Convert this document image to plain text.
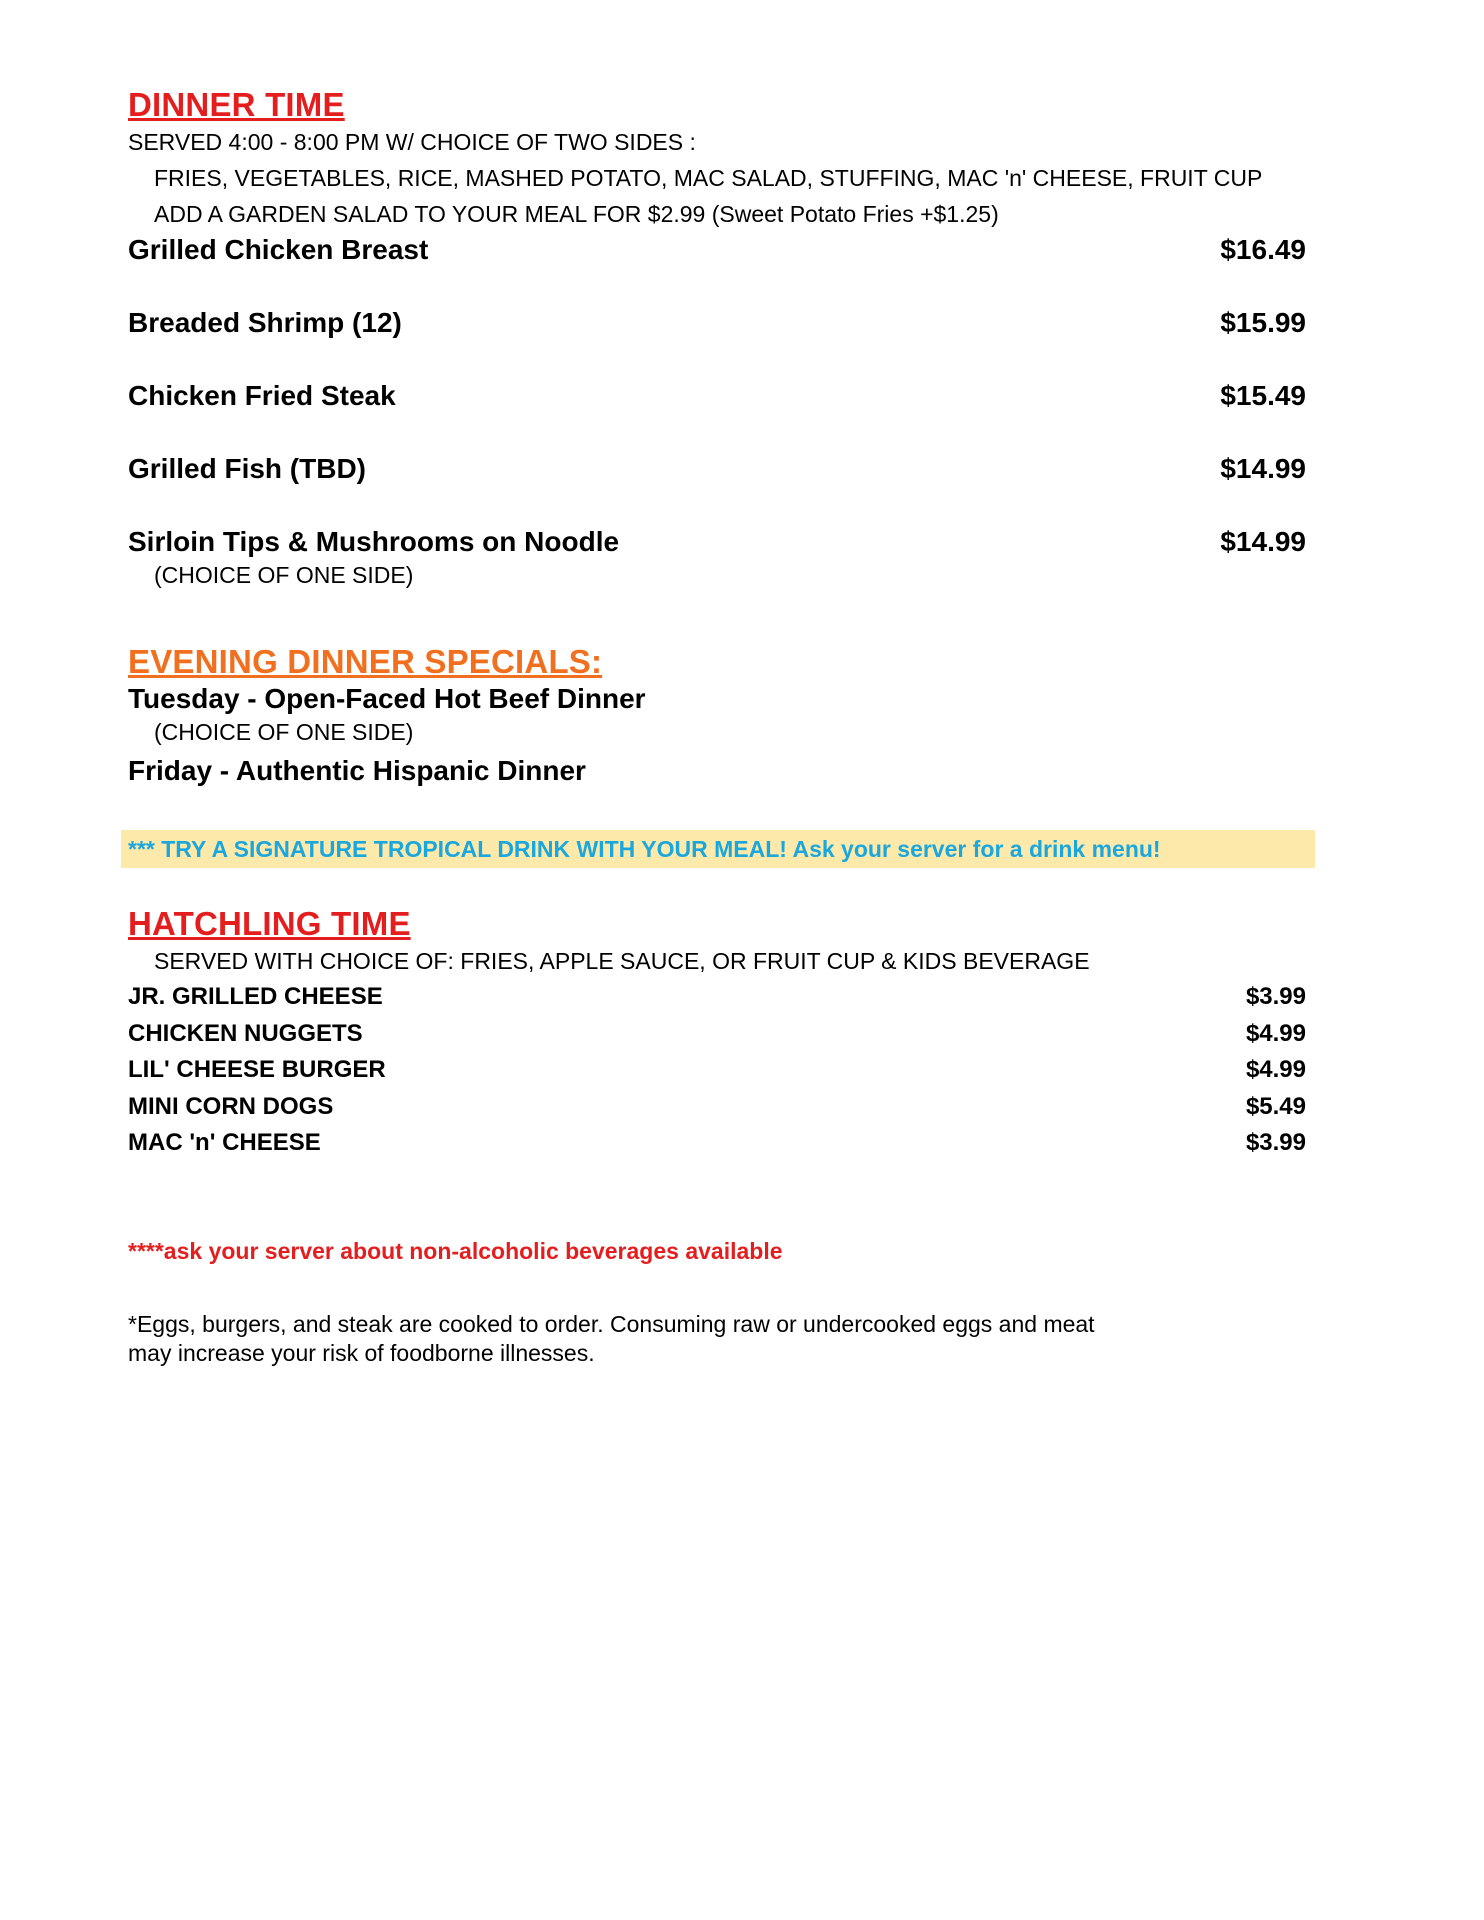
DINNER TIME

SERVED 4:00 - 8:00 PM W/ CHOICE OF TWO SIDES :

FRIES, VEGETABLES, RICE, MASHED POTATO, MAC SALAD, STUFFING, MAC 'n' CHEESE, FRUIT CUP

ADD A GARDEN SALAD TO YOUR MEAL FOR $2.99 (Sweet Potato Fries +$1.25)

Grilled Chicken Breast	$16.49
Breaded Shrimp (12)	$15.99
Chicken Fried Steak	$15.49
Grilled Fish (TBD)	$14.99
Sirloin Tips & Mushrooms on Noodle	$14.99

(CHOICE OF ONE SIDE)

EVENING DINNER SPECIALS:
Tuesday - Open-Faced Hot Beef Dinner

(CHOICE OF ONE SIDE)

Friday - Authentic Hispanic Dinner
*** TRY A SIGNATURE TROPICAL DRINK WITH YOUR MEAL! Ask your server for a drink menu!
HATCHLING TIME

SERVED WITH CHOICE OF: FRIES, APPLE SAUCE, OR FRUIT CUP & KIDS BEVERAGE

JR. GRILLED CHEESE	$3.99
CHICKEN NUGGETS	$4.99
LIL' CHEESE BURGER	$4.99
MINI CORN DOGS	$5.49
MAC 'n' CHEESE	$3.99
****ask your server about non-alcoholic beverages available
*Eggs, burgers, and steak are cooked to order. Consuming raw or undercooked eggs and meat
may increase your risk of foodborne illnesses.
